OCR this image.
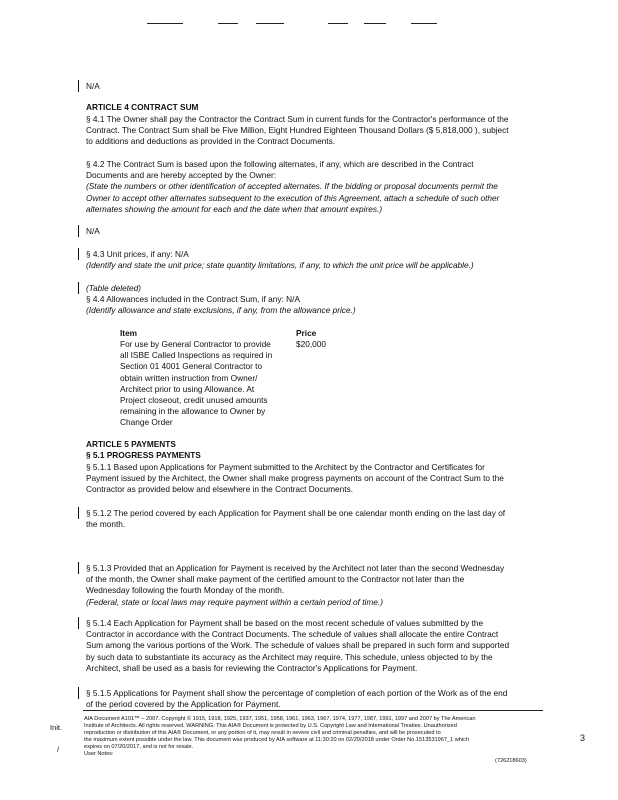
N/A
ARTICLE 4 CONTRACT SUM
§ 4.1 The Owner shall pay the Contractor the Contract Sum in current funds for the Contractor's performance of the
Contract. The Contract Sum shall be Five Million, Eight Hundred Eighteen Thousand Dollars ($ 5,818,000 ), subject
to additions and deductions as provided in the Contract Documents.
§ 4.2 The Contract Sum is based upon the following alternates, if any, which are described in the Contract
Documents and are hereby accepted by the Owner:
(State the numbers or other identification of accepted alternates. If the bidding or proposal documents permit the
Owner to accept other alternates subsequent to the execution of this Agreement, attach a schedule of such other
alternates showing the amount for each and the date when that amount expires.)
N/A
§ 4.3 Unit prices, if any: N/A
(Identify and state the unit price; state quantity limitations, if any, to which the unit price will be applicable.)
(Table deleted)
§ 4.4 Allowances included in the Contract Sum, if any: N/A
(Identify allowance and state exclusions, if any, from the allowance price.)
Item	Price
For use by General Contractor to provide
all ISBE Called Inspections as required in
Section 01 4001 General Contractor to
obtain written instruction from Owner/
Architect prior to using Allowance. At
Project closeout, credit unused amounts
remaining in the allowance to Owner by
Change Order
$20,000
ARTICLE 5 PAYMENTS
§ 5.1 PROGRESS PAYMENTS
§ 5.1.1 Based upon Applications for Payment submitted to the Architect by the Contractor and Certificates for
Payment issued by the Architect, the Owner shall make progress payments on account of the Contract Sum to the
Contractor as provided below and elsewhere in the Contract Documents.
§ 5.1.2 The period covered by each Application for Payment shall be one calendar month ending on the last day of
the month.
§ 5.1.3 Provided that an Application for Payment is received by the Architect not later than the second Wednesday
of the month, the Owner shall make payment of the certified amount to the Contractor not later than the
Wednesday following the fourth Monday of the month.
(Federal, state or local laws may require payment within a certain period of time.)
§ 5.1.4 Each Application for Payment shall be based on the most recent schedule of values submitted by the
Contractor in accordance with the Contract Documents. The schedule of values shall allocate the entire Contract
Sum among the various portions of the Work. The schedule of values shall be prepared in such form and supported
by such data to substantiate its accuracy as the Architect may require. This schedule, unless objected to by the
Architect, shall be used as a basis for reviewing the Contractor's Applications for Payment.
§ 5.1.5 Applications for Payment shall show the percentage of completion of each portion of the Work as of the end
of the period covered by the Application for Payment.
Init.
/
AIA Document A101™ – 2007. Copyright © 1915, 1918, 1925, 1937, 1951, 1958, 1961, 1963, 1967, 1974, 1977, 1987, 1991, 1997 and 2007 by The American
Institute of Architects. All rights reserved. WARNING: This AIA® Document is protected by U.S. Copyright Law and International Treaties. Unauthorized
reproduction or distribution of this AIA® Document, or any portion of it, may result in severe civil and criminal penalties, and will be prosecuted to
the maximum extent possible under the law. This document was produced by AIA software at 11:30:20 on 02/20/2018 under Order No.1513531967_1 which
expires on 07/20/2017, and is not for resale.
User Notes:
3
(726218603)
